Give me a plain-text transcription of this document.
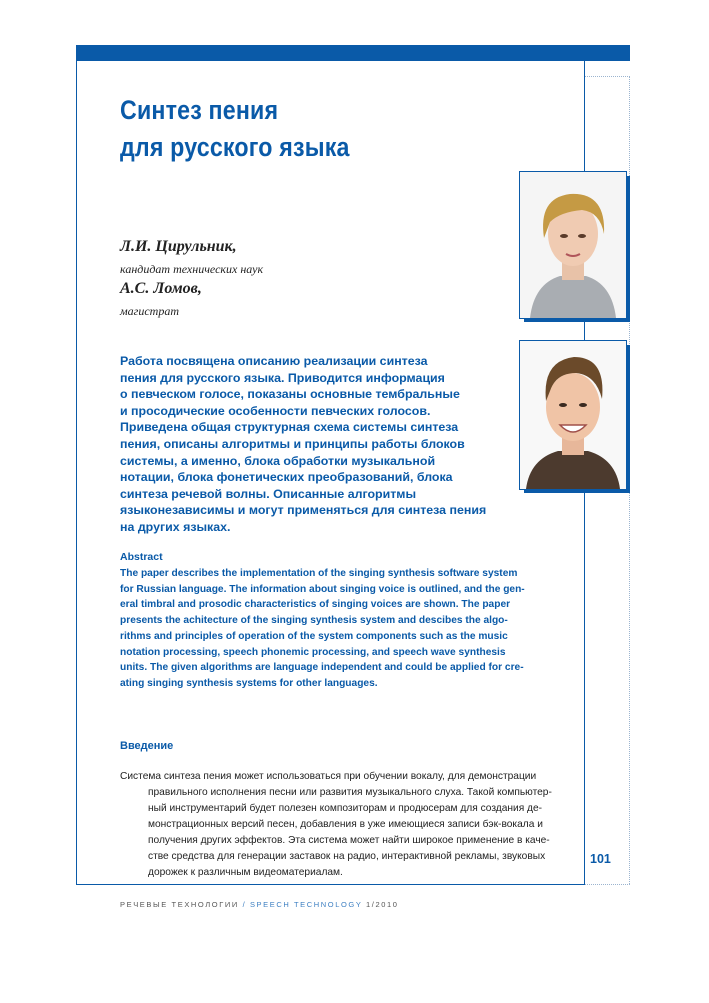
Синтез пения
для русского языка
Л.И. Цирульник,
кандидат технических наук
А.С. Ломов,
магистрат

Работа посвящена описанию реализации синтеза

пения для русского языка. Приводится информация

о певческом голосе, показаны основные тембральные

и просодические особенности певческих голосов.

Приведена общая структурная схема системы синтеза

пения, описаны алгоритмы и принципы работы блоков

системы, а именно, блока обработки музыкальной

нотации, блока фонетических преобразований, блока

синтеза речевой волны. Описанные алгоритмы

языконезависимы и могут применяться для синтеза пения

на других языках.

Abstract
The paper describes the implementation of the singing synthesis software system
for Russian language. The information about singing voice is outlined, and the gen-
eral timbral and prosodic characteristics of singing voices are shown. The paper
presents the achitecture of the singing synthesis system and descibes the algo-
rithms and principles of operation of the system components such as the music
notation processing, speech phonemic processing, and speech wave synthesis
units. The given algorithms are language independent and could be applied for cre-
ating singing synthesis systems for other languages.
Введение
Система синтеза пения может использоваться при обучении вокалу, для демонстрации
правильного исполнения песни или развития музыкального слуха. Такой компьютер-
ный инструментарий будет полезен композиторам и продюсерам для создания де-
монстрационных версий песен, добавления в уже имеющиеся записи бэк-вокала и
получения других эффектов. Эта система может найти широкое применение в каче-
стве средства для генерации заставок на радио, интерактивной рекламы, звуковых
дорожек к различным видеоматериалам.
101
РЕЧЕВЫЕ ТЕХНОЛОГИИ / SPEECH TECHNOLOGY 1/2010
